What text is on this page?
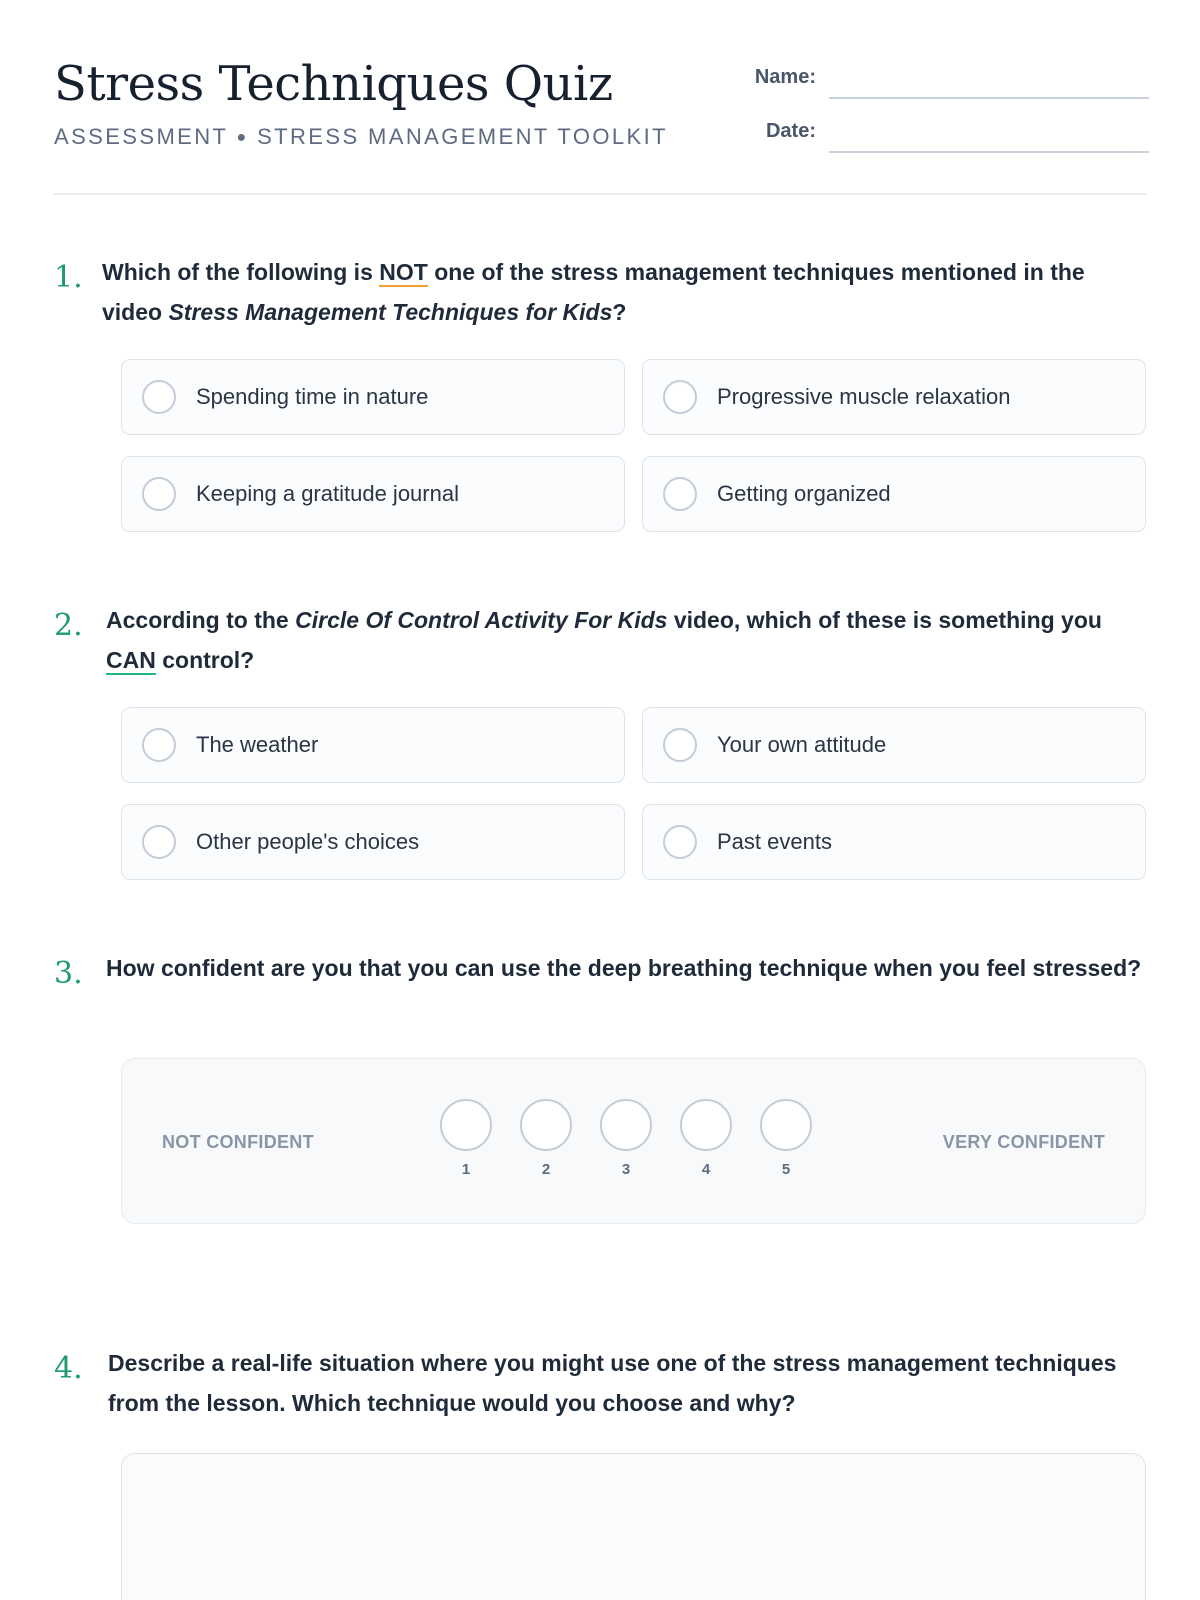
Stress Techniques Quiz
ASSESSMENT ● STRESS MANAGEMENT TOOLKIT
Name:
Date:
1. Which of the following is NOT one of the stress management techniques mentioned in the video Stress Management Techniques for Kids?
Spending time in nature	Progressive muscle relaxation
Keeping a gratitude journal	Getting organized
2. According to the Circle Of Control Activity For Kids video, which of these is something you CAN control?
The weather	Your own attitude
Other people's choices	Past events
3. How confident are you that you can use the deep breathing technique when you feel stressed?
NOT CONFIDENT
1	2	3	4	5
VERY CONFIDENT
4. Describe a real-life situation where you might use one of the stress management techniques from the lesson. Which technique would you choose and why?
